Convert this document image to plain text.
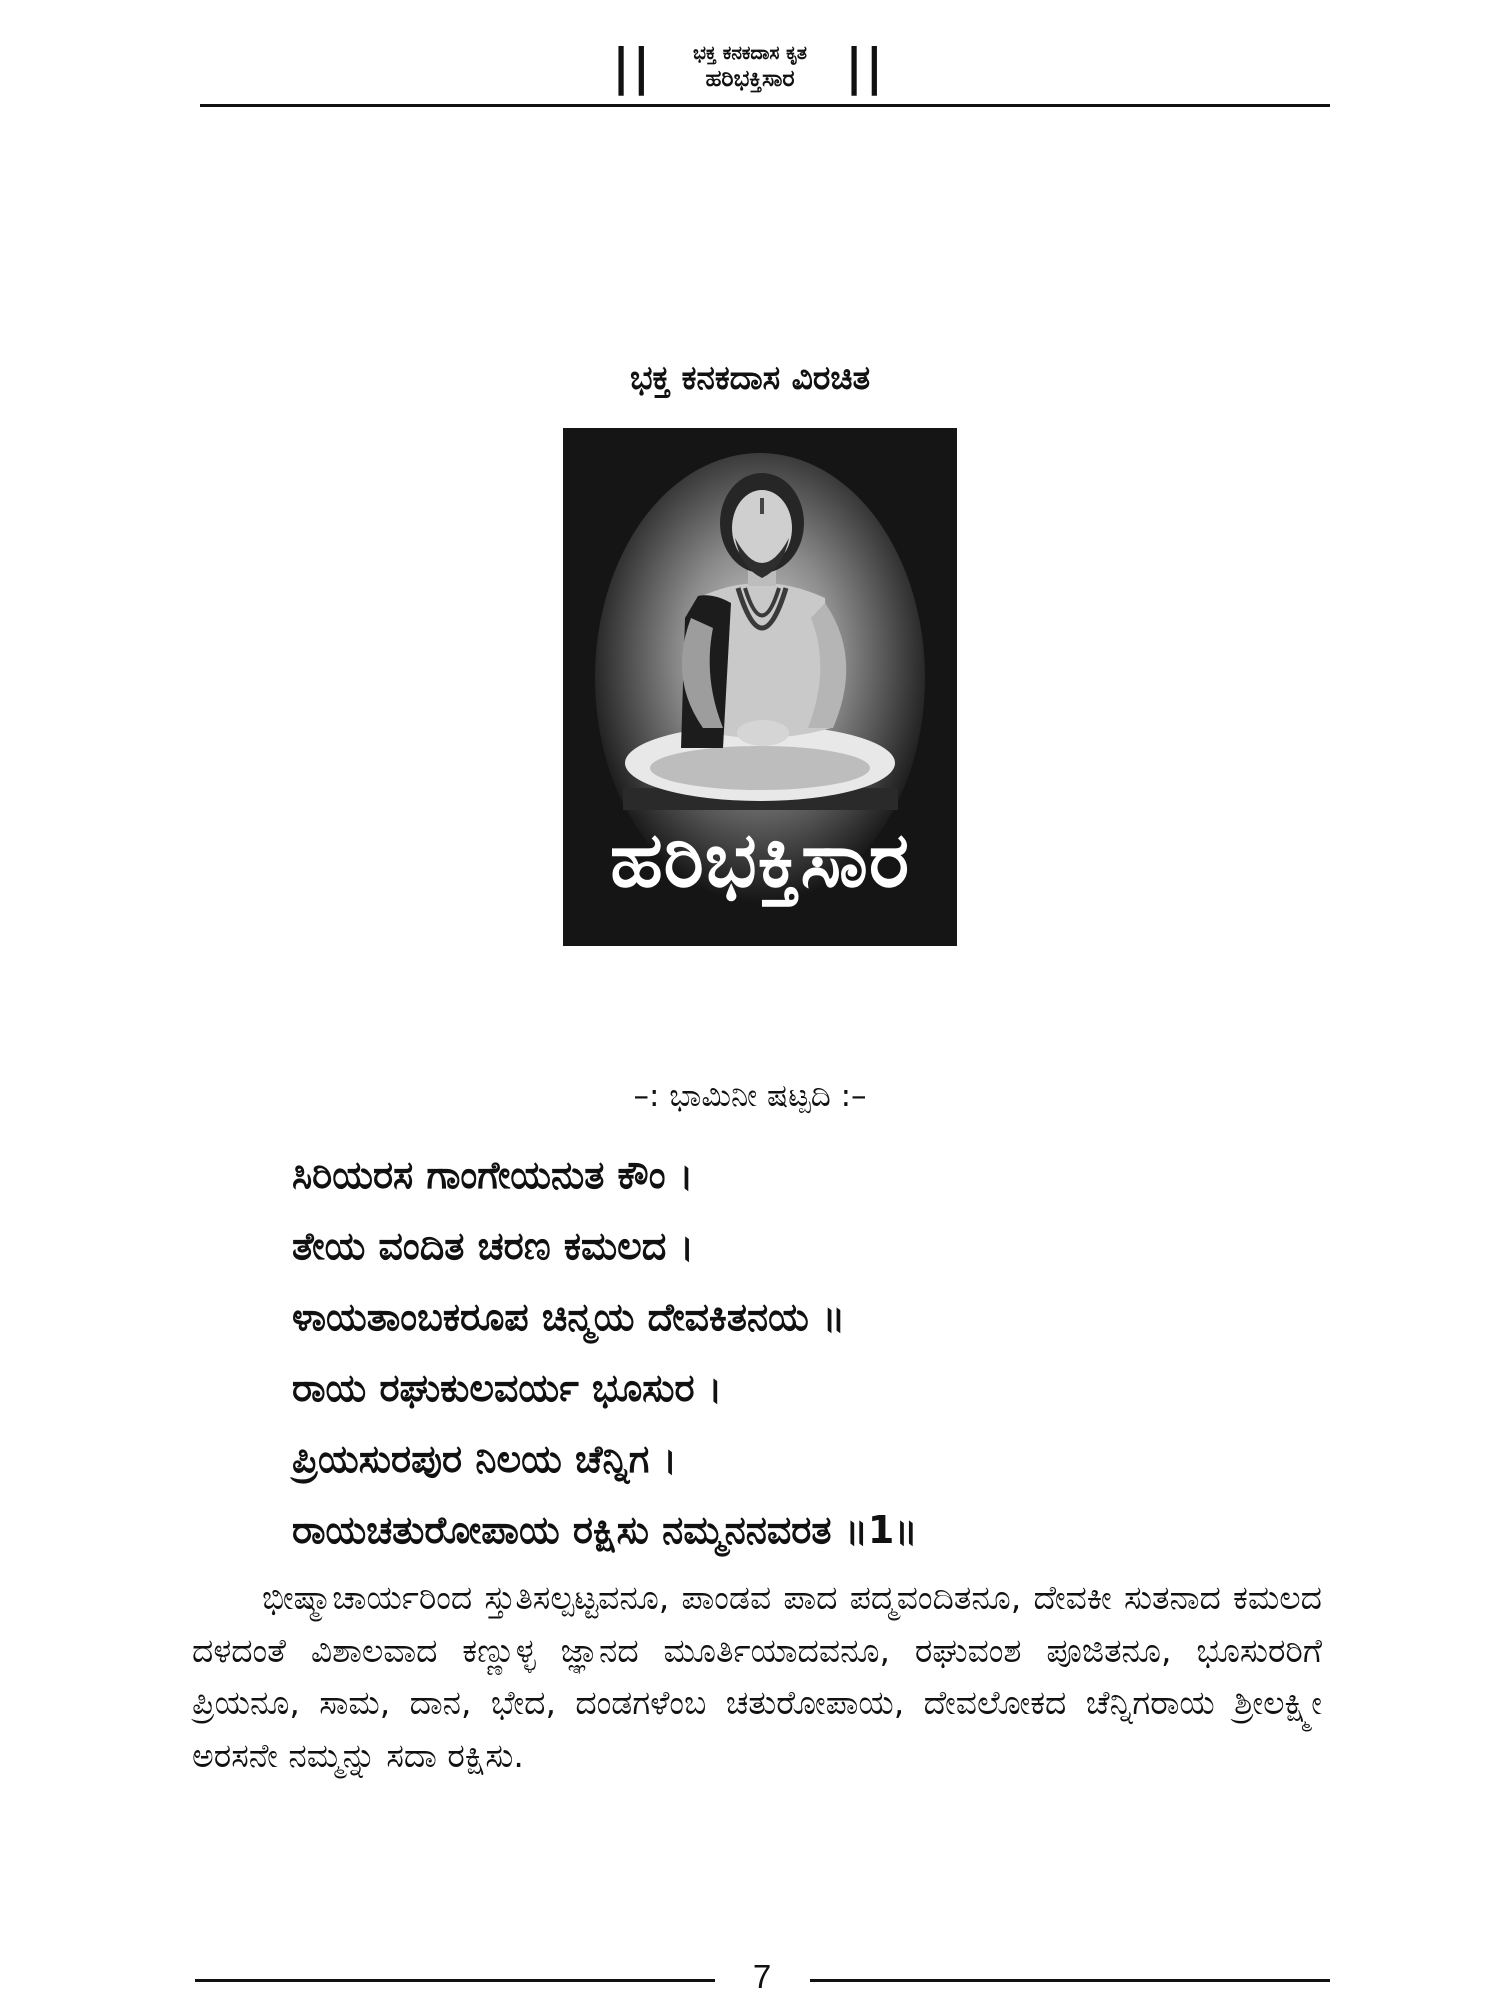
||	ಭಕ್ತ ಕನಕದಾಸ ಕೃತ
ಹರಿಭಕ್ತಿಸಾರ	||
ಭಕ್ತ ಕನಕದಾಸ ವಿರಚಿತ
ಹರಿಭಕ್ತಿಸಾರ
–: ಭಾಮಿನೀ ಷಟ್ಪದಿ :–
ಸಿರಿಯರಸ ಗಾಂಗೇಯನುತ ಕೌಂ ।
ತೇಯ ವಂದಿತ ಚರಣ ಕಮಲದ ।
ಳಾಯತಾಂಬಕರೂಪ ಚಿನ್ಮಯ ದೇವಕಿತನಯ ॥
ರಾಯ ರಘುಕುಲವರ್ಯ ಭೂಸುರ ।
ಪ್ರಿಯಸುರಪುರ ನಿಲಯ ಚೆನ್ನಿಗ ।
ರಾಯಚತುರೋಪಾಯ ರಕ್ಷಿಸು ನಮ್ಮನನವರತ ॥1॥
ಭೀಷ್ಮಾಚಾರ್ಯರಿಂದ ಸ್ತುತಿಸಲ್ಪಟ್ಟವನೂ, ಪಾಂಡವ ಪಾದ ಪದ್ಮವಂದಿತನೂ, ದೇವಕೀ ಸುತನಾದ ಕಮಲದ ದಳದಂತೆ ವಿಶಾಲವಾದ ಕಣ್ಣುಳ್ಳ ಜ್ಞಾನದ ಮೂರ್ತಿಯಾದವನೂ, ರಘುವಂಶ ಪೂಜಿತನೂ, ಭೂಸುರರಿಗೆ ಪ್ರಿಯನೂ, ಸಾಮ, ದಾನ, ಭೇದ, ದಂಡಗಳೆಂಬ ಚತುರೋಪಾಯ, ದೇವಲೋಕದ ಚೆನ್ನಿಗರಾಯ ಶ್ರೀಲಕ್ಷ್ಮೀ ಅರಸನೇ ನಮ್ಮನ್ನು ಸದಾ ರಕ್ಷಿಸು.
7
